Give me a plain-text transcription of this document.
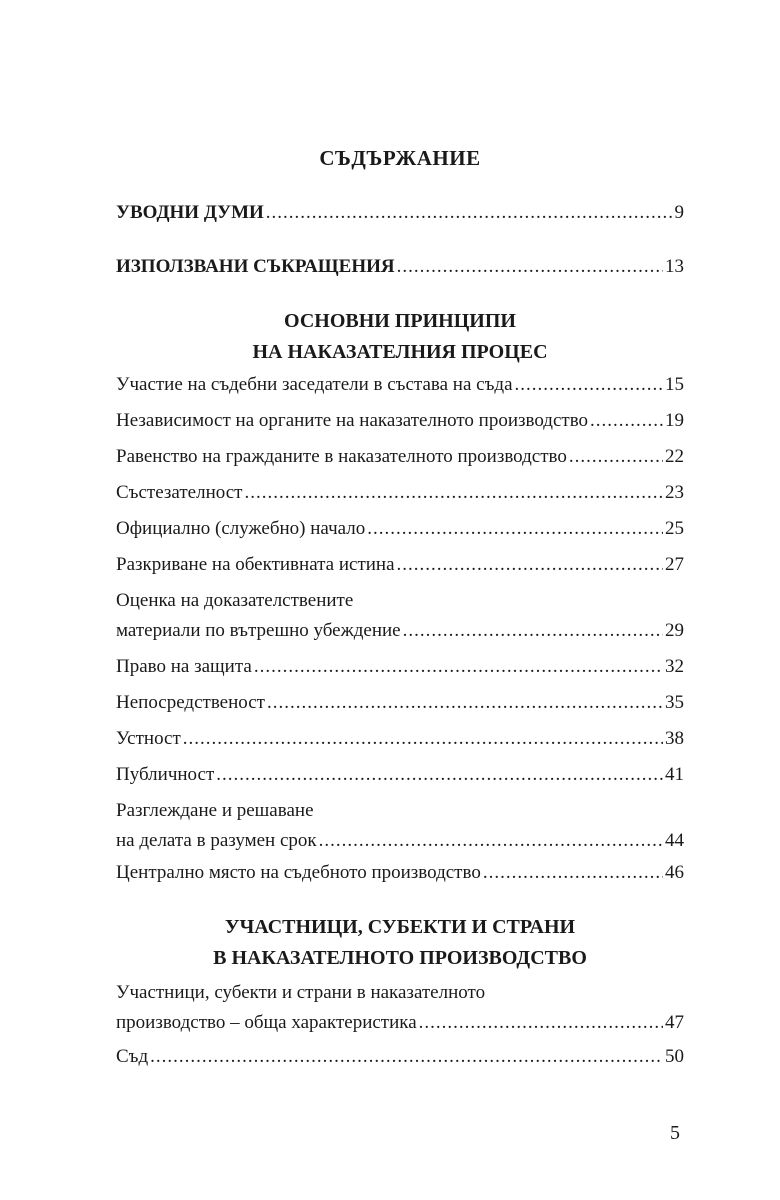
СЪДЪРЖАНИЕ
УВОДНИ ДУМИ .....	9
ИЗПОЛЗВАНИ СЪКРАЩЕНИЯ .....	13
ОСНОВНИ ПРИНЦИПИ
НА НАКАЗАТЕЛНИЯ ПРОЦЕС
Участие на съдебни заседатели в състава на съда .....	15
Независимост на органите на наказателното производство .....	19
Равенство на гражданите в наказателното производство .....	22
Състезателност .....	23
Официално (служебно) начало .....	25
Разкриване на обективната истина .....	27
Оценка на доказателствените
материали по вътрешно убеждение .....	29
Право на защита .....	32
Непосредственост .....	35
Устност .....	38
Публичност .....	41
Разглеждане и решаване
на делата в разумен срок .....	44
Централно място на съдебното производство .....	46
УЧАСТНИЦИ, СУБЕКТИ И СТРАНИ
В НАКАЗАТЕЛНОТО ПРОИЗВОДСТВО
Участници, субекти и страни в наказателното
производство – обща характеристика .....	47
Съд .....	50
5
